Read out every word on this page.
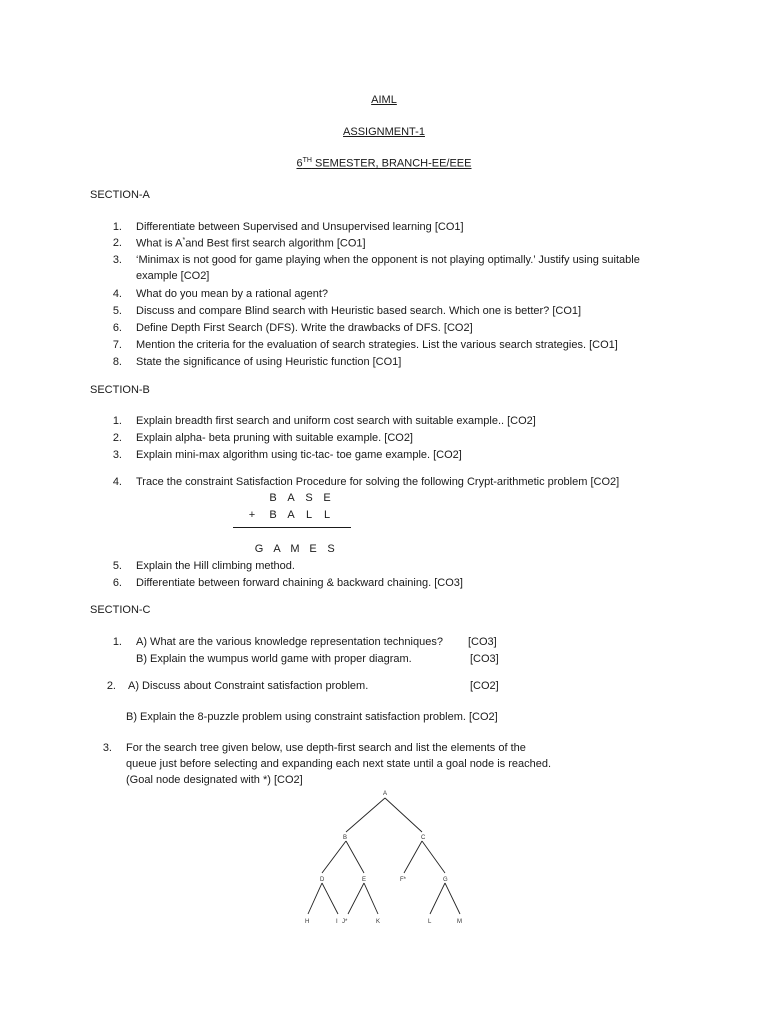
AIML
ASSIGNMENT-1
6TH SEMESTER, BRANCH-EE/EEE
SECTION-A
1. Differentiate between Supervised and Unsupervised learning [CO1]
2. What is A*and Best first search algorithm [CO1]
3. ‘Minimax is not good for game playing when the opponent is not playing optimally.’ Justify using suitable
example [CO2]
4. What do you mean by a rational agent?
5. Discuss and compare Blind search with Heuristic based search. Which one is better? [CO1]
6. Define Depth First Search (DFS). Write the drawbacks of DFS. [CO2]
7. Mention the criteria for the evaluation of search strategies. List the various search strategies. [CO1]
8. State the significance of using Heuristic function [CO1]
SECTION-B
1. Explain breadth first search and uniform cost search with suitable example.. [CO2]
2. Explain alpha- beta pruning with suitable example. [CO2]
3. Explain mini-max algorithm using tic-tac- toe game example. [CO2]
4. Trace the constraint Satisfaction Procedure for solving the following Crypt-arithmetic problem [CO2]
B A S E
+ B A L L
G A M E S
5. Explain the Hill climbing method.
6. Differentiate between forward chaining & backward chaining. [CO3]
SECTION-C
1. A) What are the various knowledge representation techniques? [CO3]
B) Explain the wumpus world game with proper diagram.	[CO3]
2. A) Discuss about Constraint satisfaction problem.	[CO2]
B) Explain the 8-puzzle problem using constraint satisfaction problem. [CO2]
3. For the search tree given below, use depth-first search and list the elements of the
queue just before selecting and expanding each next state until a goal node is reached.
(Goal node designated with *) [CO2]
A
B	C
D	E	F*	G
H	I J*	K	L	M
